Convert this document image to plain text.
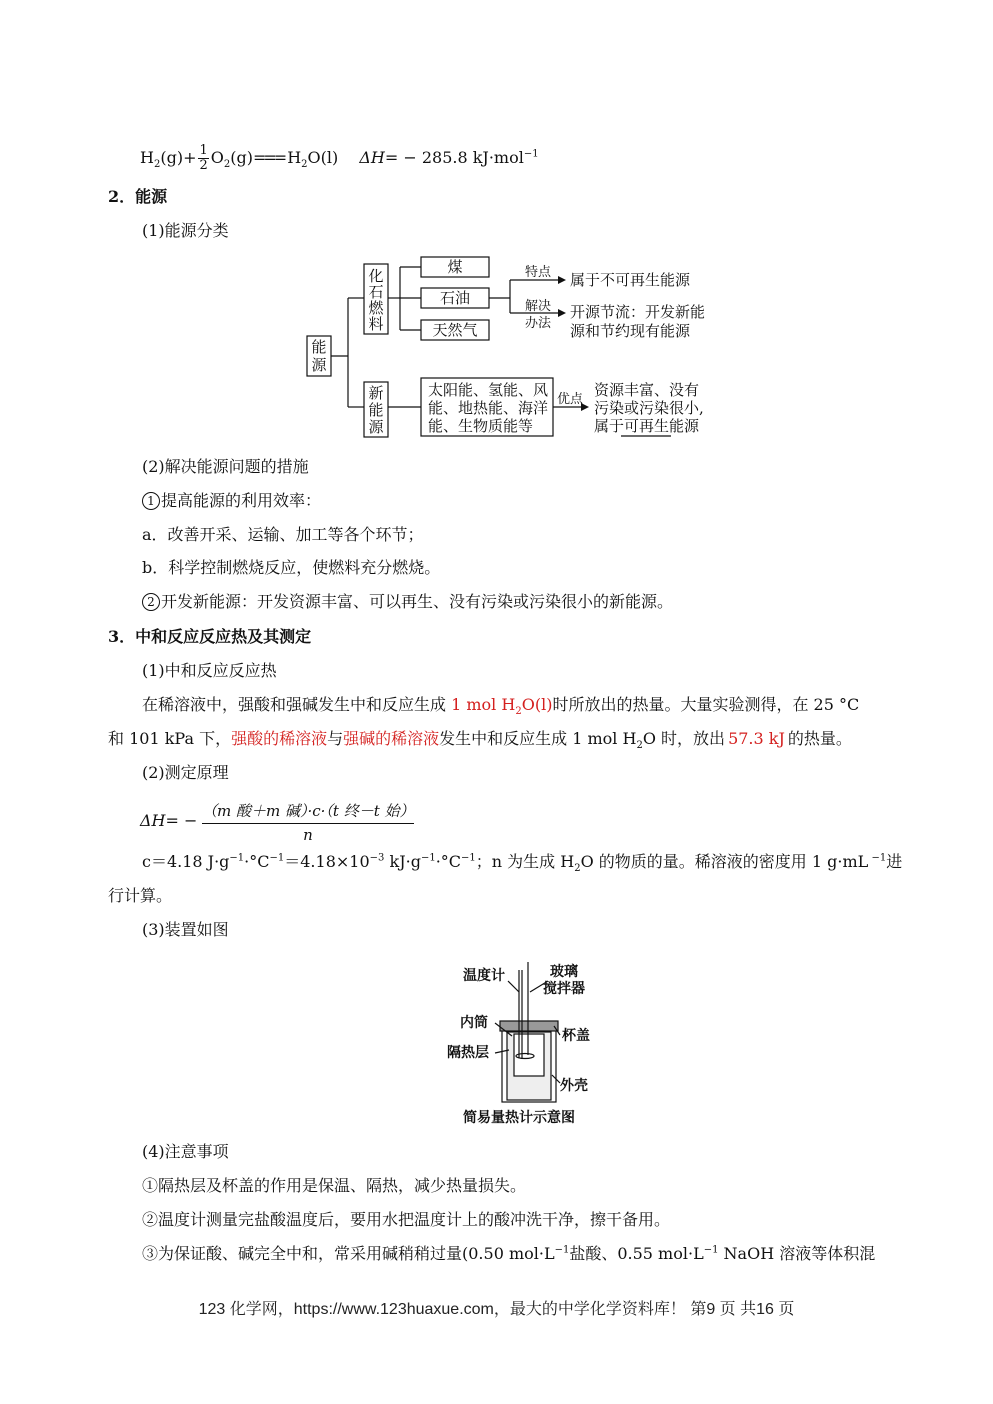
$H_2(g)+ \frac{1}{2} O_2(g)=== H_2O(l) \Delta H= - 285.8$ kJ·mol$^{-1}$
2．能源
(1)能源分类
能
源
化
石
燃
料
煤
石油
天然气
特点 属于不可再生能源
解决
办法
开源节流：开发新能
源和节约现有能源
新
能
源
太阳能、氢能、风
能、地热能、海洋
能、生物质能等
优点
资源丰富、没有
污染或污染很小,
属于可再生能源
(2)解决能源问题的措施
1 提高能源的利用效率：
a．改善开采、运输、加工等各个环节；
b．科学控制燃烧反应，使燃料充分燃烧。
2 开发新能源：开发资源丰富、可以再生、没有污染或污染很小的新能源。
3．中和反应反应热及其测定
(1)中和反应反应热
在稀溶液中，强酸和强碱发生中和反应生成 1 mol $H_2O(l)$时所放出的热量。大量实验测得，在 25 °C
和 101 kPa 下，强酸的稀溶液与强碱的稀溶液发生中和反应生成 1 mol $H_2O$ 时，放出 57.3 kJ 的热量。
(2)测定原理
ΔH= − （m 酸＋m 碱）·c·（t 终－t 始）
n
c＝4.18 $J\cdot g^{-1}\cdot^\circ C^{-1}=4.18\times 10^{-3}$ $kJ\cdot g^{-1}\cdot^\circ C^{-1}$；n 为生成 $H_2O$ 的物质的量。稀溶液的密度用 1 g·mL $^{-1}$进
行计算。
(3)装置如图
温度计	玻璃
搅拌器
内筒
杯盖
隔热层
外壳
简易量热计示意图
(4)注意事项
①隔热层及杯盖的作用是保温、隔热，减少热量损失。
②温度计测量完盐酸温度后，要用水把温度计上的酸冲洗干净，擦干备用。
③为保证酸、碱完全中和，常采用碱稍稍过量(0.50 $mol\cdot L^{-1}$盐酸、0.55 $mol\cdot L^{-1}$ NaOH 溶液等体积混
123 化学网，https://www.123huaxue.com，最大的中学化学资料库！ 第9 页 共16 页
